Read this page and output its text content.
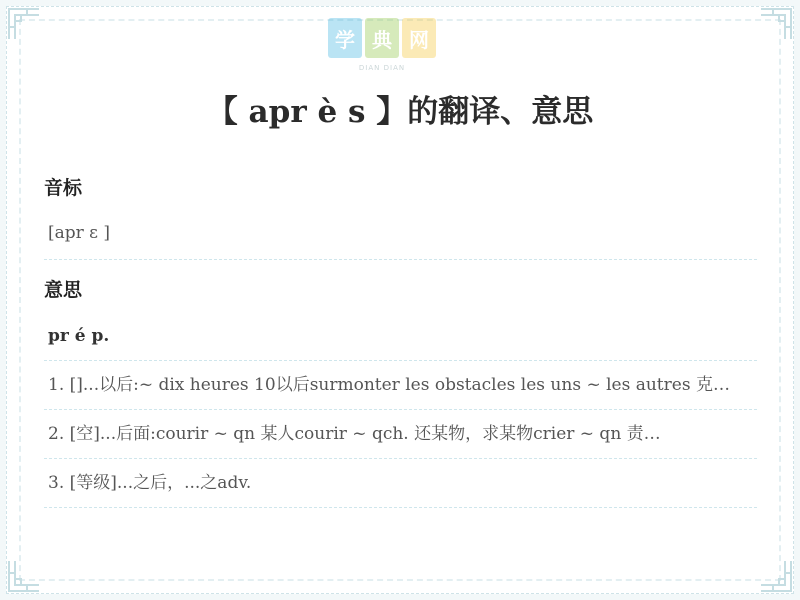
学 典 网
DIAN DIAN
【 apr è s 】的翻译、意思
音标
[apr ɛ ]
意思
pr é p.
1. []...以后:~ dix heures 10以后surmonter les obstacles les uns ~ les autres 克…
2. [空]...后面:courir ~ qn 某人courir ~ qch. 还某物，求某物crier ~ qn 责…
3. [等级]...之后，...之adv.
